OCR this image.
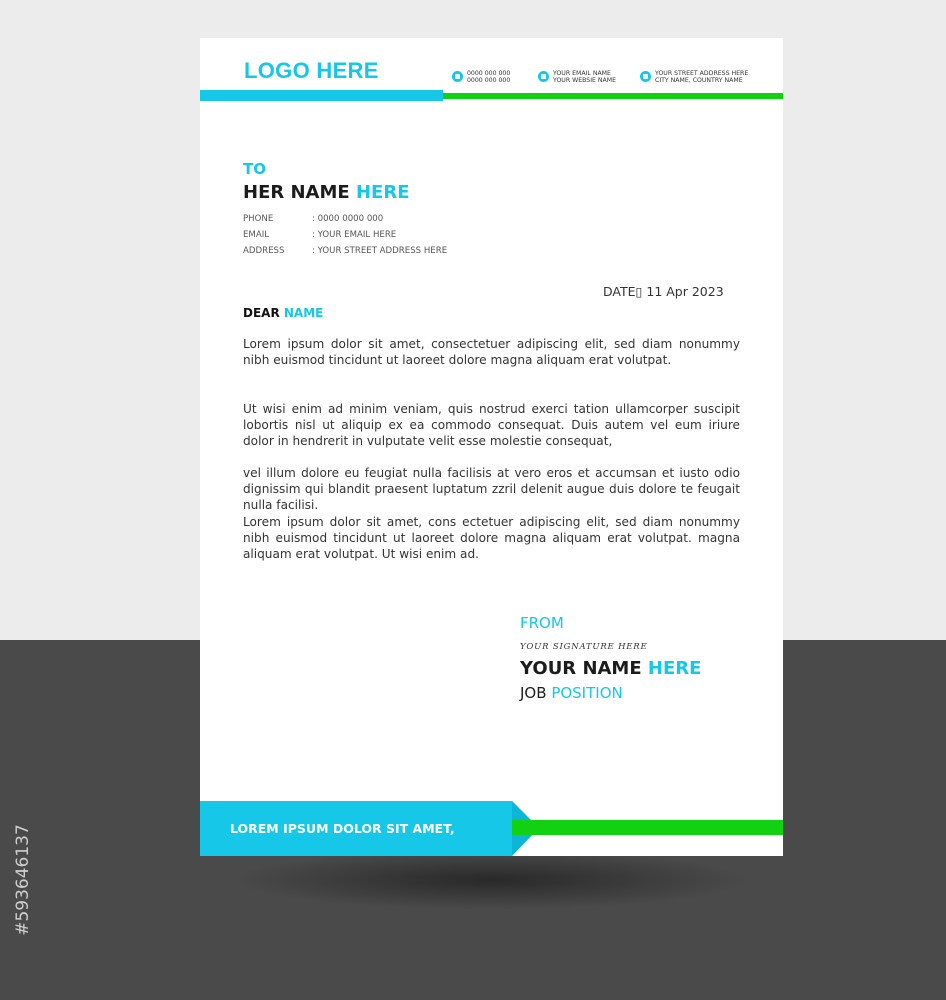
#593646137
LOGO HERE	0000 000 000
0000 000 000
YOUR EMAIL NAME
YOUR WEBSIE NAME
YOUR STREET ADDRESS HERE
CITY NAME, COUNTRY NAME
TO
HER NAME HERE
PHONE	: 0000 0000 000
EMAIL	: YOUR EMAIL HERE
ADDRESS	: YOUR STREET ADDRESS HERE
DATE▯ 11 Apr 2023
DEAR NAME

Lorem ipsum dolor sit amet, consectetuer adipiscing elit, sed diam nonummy nibh euismod tincidunt ut laoreet dolore magna aliquam erat volutpat.

Ut wisi enim ad minim veniam, quis nostrud exerci tation ullamcorper suscipit lobortis nisl ut aliquip ex ea commodo consequat. Duis autem vel eum iriure dolor in hendrerit in vulputate velit esse molestie consequat,

vel illum dolore eu feugiat nulla facilisis at vero eros et accumsan et iusto odio dignissim qui blandit praesent luptatum zzril delenit augue duis dolore te feugait nulla facilisi.

Lorem ipsum dolor sit amet, cons ectetuer adipiscing elit, sed diam nonummy nibh euismod tincidunt ut laoreet dolore magna aliquam erat volutpat. magna aliquam erat volutpat. Ut wisi enim ad.

FROM
YOUR SIGNATURE HERE
YOUR NAME HERE
JOB POSITION
LOREM IPSUM DOLOR SIT AMET,
